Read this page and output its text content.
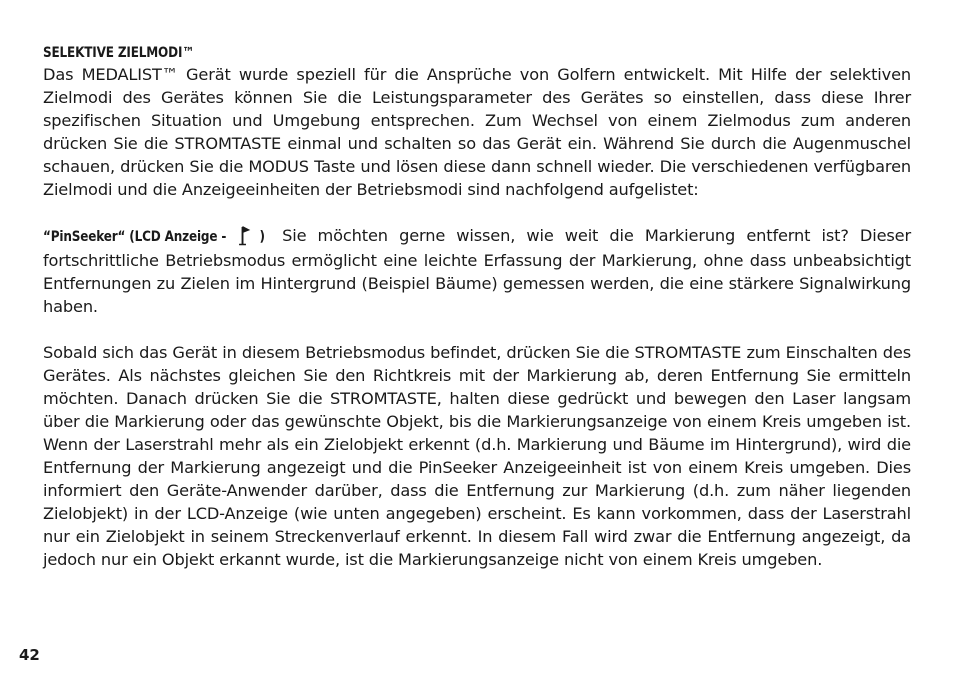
SELEKTIVE ZIELMODI™

Das MEDALIST™ Gerät wurde speziell für die Ansprüche von Golfern entwickelt. Mit Hilfe der selektiven Zielmodi des Gerätes können Sie die Leistungsparameter des Gerätes so einstellen, dass diese Ihrer spezifischen Situation und Umgebung entsprechen. Zum Wechsel von einem Zielmodus zum anderen drücken Sie die STROMTASTE einmal und schalten so das Gerät ein. Während Sie durch die Augenmuschel schauen, drücken Sie die MODUS Taste und lösen diese dann schnell wieder. Die verschiedenen verfügbaren Zielmodi und die Anzeigeeinheiten der Betriebsmodi sind nachfolgend aufgelistet:

“PinSeeker“ (LCD Anzeige - ) Sie möchten gerne wissen, wie weit die Markierung entfernt ist? Dieser fortschrittliche Betriebsmodus ermöglicht eine leichte Erfassung der Markierung, ohne dass unbeabsichtigt Entfernungen zu Zielen im Hintergrund (Beispiel Bäume) gemessen werden, die eine stärkere Signalwirkung haben.

Sobald sich das Gerät in diesem Betriebsmodus befindet, drücken Sie die STROMTASTE zum Einschalten des Gerätes. Als nächstes gleichen Sie den Richtkreis mit der Markierung ab, deren Entfernung Sie ermitteln möchten. Danach drücken Sie die STROMTASTE, halten diese gedrückt und bewegen den Laser langsam über die Markierung oder das gewünschte Objekt, bis die Markierungsanzeige von einem Kreis umgeben ist. Wenn der Laserstrahl mehr als ein Zielobjekt erkennt (d.h. Markierung und Bäume im Hintergrund), wird die Entfernung der Markierung angezeigt und die PinSeeker Anzeigeeinheit ist von einem Kreis umgeben. Dies informiert den Geräte-Anwender darüber, dass die Entfernung zur Markierung (d.h. zum näher liegenden Zielobjekt) in der LCD-Anzeige (wie unten angegeben) erscheint. Es kann vorkommen, dass der Laserstrahl nur ein Zielobjekt in seinem Streckenverlauf erkennt. In diesem Fall wird zwar die Entfernung angezeigt, da jedoch nur ein Objekt erkannt wurde, ist die Markierungsanzeige nicht von einem Kreis umgeben.

42
